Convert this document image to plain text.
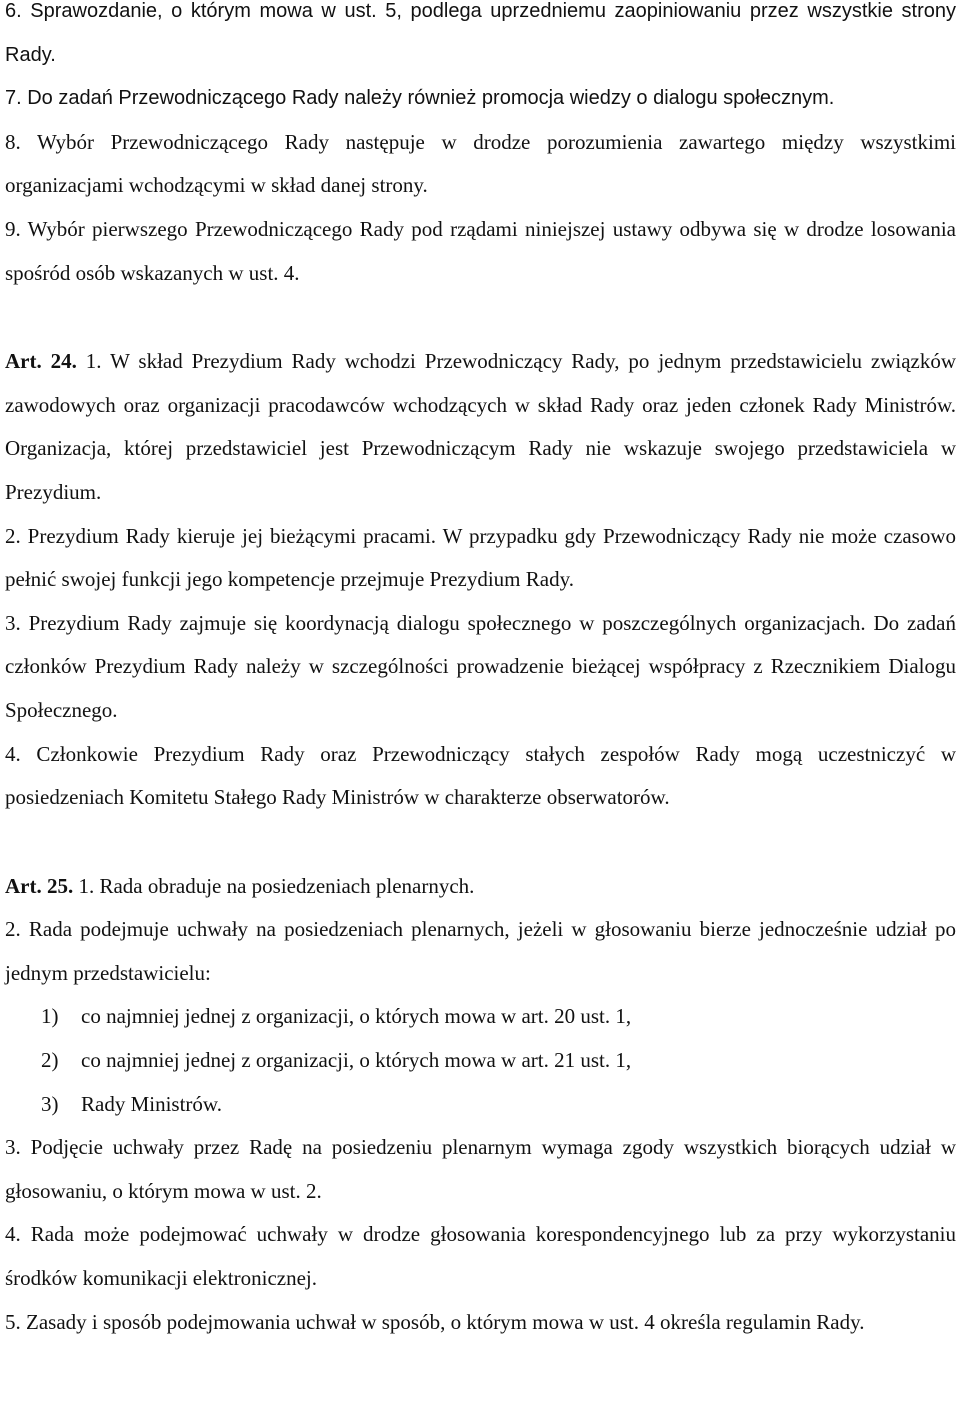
6. Sprawozdanie, o którym mowa w ust. 5, podlega uprzedniemu zaopiniowaniu przez wszystkie strony Rady.

7. Do zadań Przewodniczącego Rady należy również promocja wiedzy o dialogu społecznym.

8. Wybór Przewodniczącego Rady następuje w drodze porozumienia zawartego między wszystkimi organizacjami wchodzącymi w skład danej strony.

9. Wybór pierwszego Przewodniczącego Rady pod rządami niniejszej ustawy odbywa się w drodze losowania spośród osób wskazanych w ust. 4.

Art. 24. 1. W skład Prezydium Rady wchodzi Przewodniczący Rady, po jednym przedstawicielu związków zawodowych oraz organizacji pracodawców wchodzących w skład Rady oraz jeden członek Rady Ministrów. Organizacja, której przedstawiciel jest Przewodniczącym Rady nie wskazuje swojego przedstawiciela w Prezydium.

2. Prezydium Rady kieruje jej bieżącymi pracami. W przypadku gdy Przewodniczący Rady nie może czasowo pełnić swojej funkcji jego kompetencje przejmuje Prezydium Rady.

3. Prezydium Rady zajmuje się koordynacją dialogu społecznego w poszczególnych organizacjach. Do zadań członków Prezydium Rady należy w szczególności prowadzenie bieżącej współpracy z Rzecznikiem Dialogu Społecznego.

4. Członkowie Prezydium Rady oraz Przewodniczący stałych zespołów Rady mogą uczestniczyć w posiedzeniach Komitetu Stałego Rady Ministrów w charakterze obserwatorów.

Art. 25. 1. Rada obraduje na posiedzeniach plenarnych.

2. Rada podejmuje uchwały na posiedzeniach plenarnych, jeżeli w głosowaniu bierze jednocześnie udział po jednym przedstawicielu:

1) co najmniej jednej z organizacji, o których mowa w art. 20 ust. 1,
2) co najmniej jednej z organizacji, o których mowa w art. 21 ust. 1,
3) Rady Ministrów.

3. Podjęcie uchwały przez Radę na posiedzeniu plenarnym wymaga zgody wszystkich biorących udział w głosowaniu, o którym mowa w ust. 2.

4. Rada może podejmować uchwały w drodze głosowania korespondencyjnego lub za przy wykorzystaniu środków komunikacji elektronicznej.

5. Zasady i sposób podejmowania uchwał w sposób, o którym mowa w ust. 4 określa regulamin Rady.
